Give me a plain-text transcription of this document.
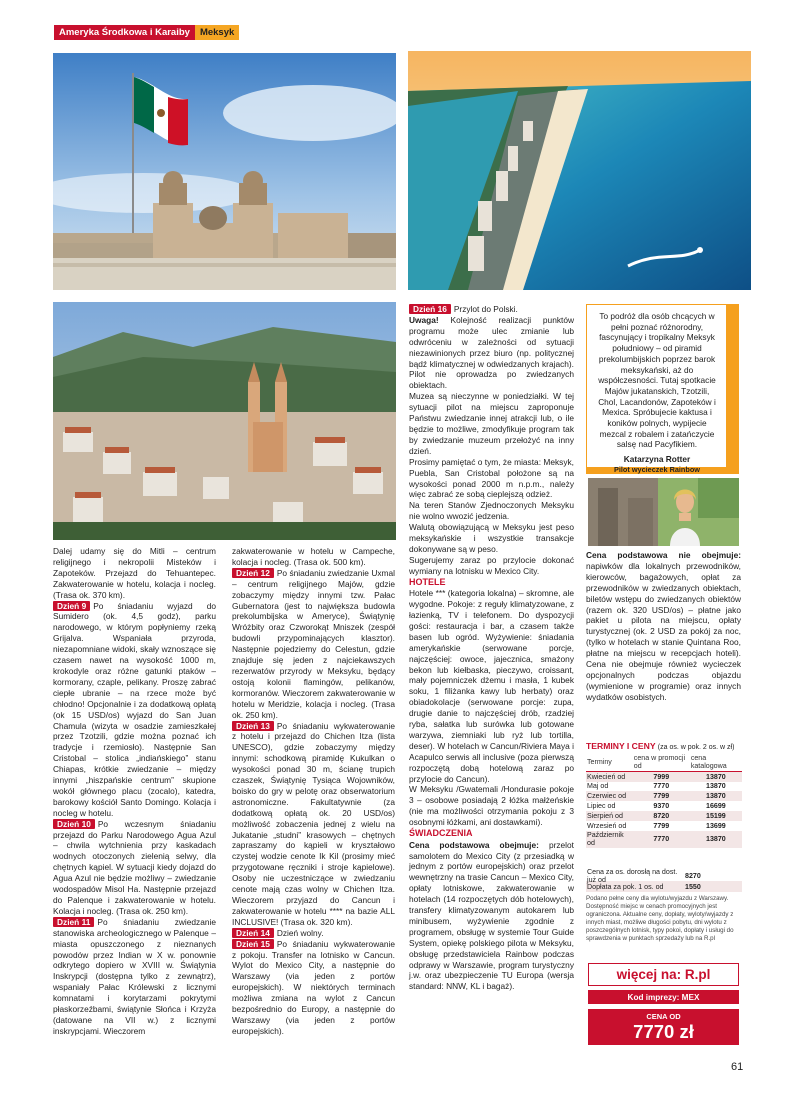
Ameryka Środkowa i Karaiby	Meksyk

Dalej udamy się do Mitli – centrum religijnego i nekropolii Misteków i Zapoteków. Przejazd do Tehuantepec. Zakwaterowanie w hotelu, kolacja i nocleg. (Trasa ok. 370 km).

Dzień 9 Po śniadaniu wyjazd do Sumidero (ok. 4,5 godz), parku narodowego, w którym popłyniemy rzeką Grijalva. Wspaniała przyroda, niezapomniane widoki, skały wznoszące się czasem nawet na wysokość 1000 m, krokodyle oraz różne gatunki ptaków – kormorany, czaple, pelikany. Proszę zabrać ciepłe ubranie – na rzece może być chłodno! Opcjonalnie i za dodatkową opłatą (ok 15 USD/os) wyjazd do San Juan Chamula (wizyta w osadzie zamieszkałej przez Tzotzili, gdzie można poznać ich tradycje i rzemiosło). Następnie San Cristobal – stolica „indiańskiego” stanu Chiapas, krótkie zwiedzanie – między innymi „hiszpańskie centrum” skupione wokół głównego placu (zocalo), katedra, barokowy kościół Santo Domingo. Kolacja i nocleg w hotelu.

Dzień 10 Po wczesnym śniadaniu przejazd do Parku Narodowego Agua Azul – chwila wytchnienia przy kaskadach wodnych otoczonych zielenią selwy, dla chętnych kąpiel. W sytuacji kiedy dojazd do Agua Azul nie będzie możliwy – zwiedzanie wodospadów Misol Ha. Następnie przejazd do Palenque i zakwaterowanie w hotelu. Kolacja i nocleg. (Trasa ok. 250 km).

Dzień 11 Po śniadaniu zwiedzanie stanowiska archeologicznego w Palenque – miasta opuszczonego z nieznanych powodów przez Indian w X w. ponownie odkrytego dopiero w XVIII w. Świątynia Inskrypcji (dostępna tylko z zewnątrz), wspaniały Pałac Królewski z licznymi komnatami i korytarzami pokrytymi płaskorzeźbami, świątynie Słońca i Krzyża (datowane na VII w.) z licznymi inskrypcjami. Wieczorem

zakwaterowanie w hotelu w Campeche, kolacja i nocleg. (Trasa ok. 500 km).

Dzień 12 Po śniadaniu zwiedzanie Uxmal – centrum religijnego Majów, gdzie zobaczymy między innymi tzw. Pałac Gubernatora (jest to największa budowla prekolumbijska w Ameryce), Świątynię Wróżbity oraz Czworokąt Mniszek (zespół budowli przypominających klasztor). Następnie pojedziemy do Celestun, gdzie znajduje się jeden z najciekawszych rezerwatów przyrody w Meksyku, będący ostoją kolonii flamingów, pelikanów, kormoranów. Wieczorem zakwaterowanie w hotelu w Meridzie, kolacja i nocleg. (Trasa ok. 250 km).

Dzień 13 Po śniadaniu wykwaterowanie z hotelu i przejazd do Chichen Itza (lista UNESCO), gdzie zobaczymy między innymi: schodkową piramidę Kukulkan o wysokości ponad 30 m, ścianę trupich czaszek, Świątynię Tysiąca Wojowników, boisko do gry w pelotę oraz obserwatorium astronomiczne. Fakultatywnie (za dodatkową opłatą ok. 20 USD/os) możliwość zobaczenia jednej z wielu na Jukatanie „studni” krasowych – chętnych zapraszamy do kąpieli w kryształowo czystej wodzie cenote Ik Kil (prosimy mieć przygotowane ręczniki i stroje kąpielowe). Osoby nie uczestniczące w zwiedzaniu cenote mają czas wolny w Chichen Itza. Wieczorem przyjazd do Cancun i zakwaterowanie w hotelu **** na bazie ALL INCLUSIVE! (Trasa ok. 320 km).

Dzień 14 Dzień wolny.

Dzień 15 Po śniadaniu wykwaterowanie z pokoju. Transfer na lotnisko w Cancun. Wylot do Mexico City, a następnie do Warszawy (via jeden z portów europejskich). W niektórych terminach możliwa zmiana na wylot z Cancun bezpośrednio do Europy, a następnie do Warszawy (via jeden z portów europejskich).

Dzień 16 Przylot do Polski.

Uwaga! Kolejność realizacji punktów programu może ulec zmianie lub odwróceniu w zależności od sytuacji niezawinionych przez biuro (np. politycznej bądź klimatycznej w odwiedzanych krajach). Pilot nie oprowadza po zwiedzanych obiektach.

Muzea są nieczynne w poniedziałki. W tej sytuacji pilot na miejscu zaproponuje Państwu zwiedzanie innej atrakcji lub, o ile będzie to możliwe, zmodyfikuje program tak by zwiedzanie muzeum przełożyć na inny dzień.

Prosimy pamiętać o tym, że miasta: Meksyk, Puebla, San Cristobal położone są na wysokości ponad 2000 m n.p.m., należy więc zabrać ze sobą cieplejszą odzież.

Na teren Stanów Zjednoczonych Meksyku nie wolno wwozić jedzenia.

Walutą obowiązującą w Meksyku jest peso meksykańskie i wszystkie transakcje dokonywane są w peso.

Sugerujemy zaraz po przylocie dokonać wymiany na lotnisku w Mexico City.

HOTELE

Hotele *** (kategoria lokalna) – skromne, ale wygodne. Pokoje: z reguły klimatyzowane, z łazienką, TV i telefonem. Do dyspozycji gości: restauracja i bar, a czasem także basen lub ogród. Wyżywienie: śniadania amerykańskie (serwowane porcje, najczęściej: owoce, jajecznica, smażony bekon lub kiełbaska, pieczywo, croissant, mały pojemniczek dżemu i masła, 1 kubek soku, 1 filiżanka kawy lub herbaty) oraz obiadokolacje (serwowane porcje: zupa, drugie danie to najczęściej drób, rzadziej ryba, sałatka lub surówka lub gotowane warzywa, ziemniaki lub ryż lub tortilla, deser). W hotelach w Cancun/Riviera Maya i Acapulco serwis all inclusive (poza pierwszą rozpoczętą dobą hotelową zaraz po przylocie do Cancun).

W Meksyku /Gwatemali /Hondurasie pokoje 3 – osobowe posiadają 2 łóżka małżeńskie (nie ma możliwości otrzymania pokoju z 3 osobnymi łóżkami, ani dostawkami).

ŚWIADCZENIA

Cena podstawowa obejmuje: przelot samolotem do Mexico City (z przesiadką w jednym z portów europejskich) oraz przelot wewnętrzny na trasie Cancun – Mexico City, opłaty lotniskowe, zakwaterowanie w hotelach (14 rozpoczętych dób hotelowych), transfery klimatyzowanym autokarem lub minibusem, wyżywienie zgodnie z programem, obsługę w systemie Tour Guide System, opiekę polskiego pilota w Meksyku, obsługę przedstawiciela Rainbow podczas odprawy w Warszawie, program turystyczny j.w. oraz ubezpieczenie TU Europa (wersja standard: NNW, KL i bagaż).

To podróż dla osób chcących w pełni poznać różnorodny, fascynujący i tropikalny Meksyk południowy – od piramid prekolumbijskich poprzez barok meksykański, aż do współczesności. Tutaj spotkacie Majów jukatanskich, Tzotzili, Chol, Lacandonów, Zapoteków i Mexica. Spróbujecie kaktusa i koników polnych, wypijecie mezcal z robalem i zatańczycie salsę nad Pacyfikiem.
Katarzyna Rotter
Pilot wycieczek Rainbow

Cena podstawowa nie obejmuje: napiwków dla lokalnych przewodników, kierowców, bagażowych, opłat za przewodników w zwiedzanych obiektach, biletów wstępu do zwiedzanych obiektów (razem ok. 320 USD/os) – płatne jako pakiet u pilota na miejscu, opłaty turystycznej (ok. 2 USD za pokój za noc, (tylko w hotelach w stanie Quintana Roo, płatne na miejscu w recepcjach hoteli). Cena nie obejmuje również wycieczek opcjonalnych podczas objazdu (wymienione w programie) oraz innych wydatków osobistych.

TERMINY I CENY (za os. w pok. 2 os. w zł)
Terminy	cena w promocji od	cena katalogowa
Kwiecień od	7999	13870
Maj od	7770	13870
Czerwiec od	7799	13870
Lipiec od	9370	16699
Sierpień od	8720	15199
Wrzesień od	7799	13699
Październik od	7770	13870
Cena za os. dorosłą na dost. już od	8270
Dopłata za pok. 1 os. od	1550
Podano pełne ceny dla wylotu/wyjazdu z Warszawy. Dostępność miejsc w cenach promocyjnych jest ograniczona. Aktualne ceny, dopłaty, wyloty/wyjazdy z innych miast, możliwe długości pobytu, dni wylotu z poszczególnych lotnisk, typy pokoi, dopłaty i usługi do sprawdzenia w punktach sprzedaży lub na R.pl
więcej na: R.pl
Kod imprezy: MEX
CENA OD
7770 zł
61
